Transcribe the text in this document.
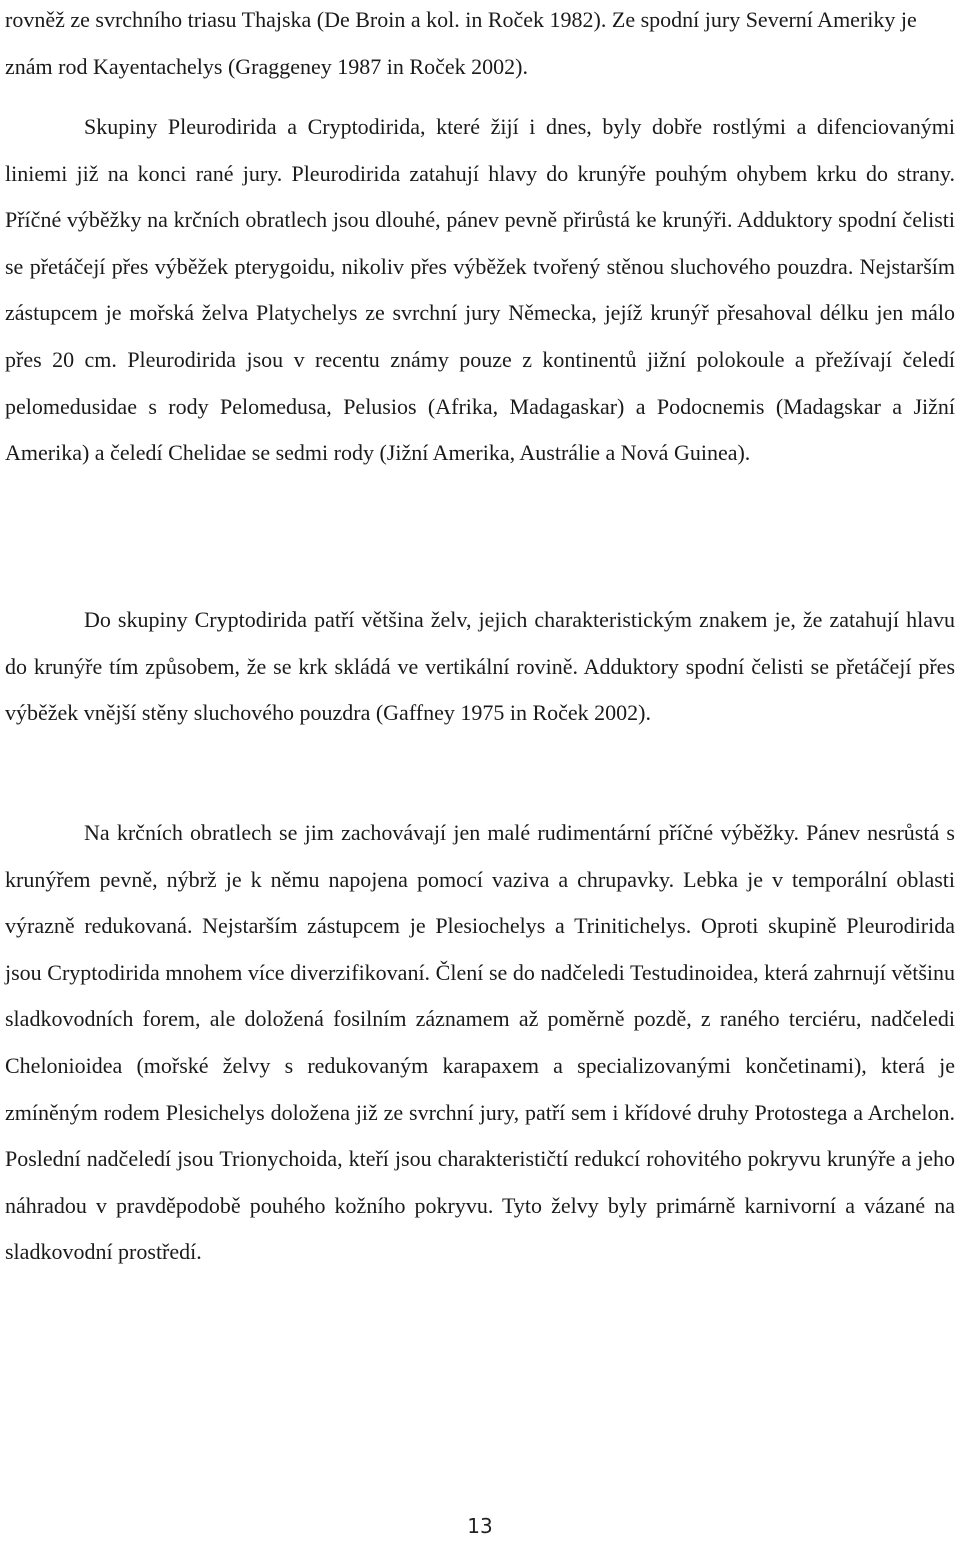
rovněž ze svrchního triasu Thajska (De Broin a kol. in Roček 1982). Ze spodní jury Severní Ameriky je znám rod Kayentachelys (Graggeney 1987 in Roček 2002).

Skupiny Pleurodirida a Cryptodirida, které žijí i dnes, byly dobře rostlými a difenciovanými liniemi již na konci rané jury. Pleurodirida zatahují hlavy do krunýře pouhým ohybem krku do strany. Příčné výběžky na krčních obratlech jsou dlouhé, pánev pevně přirůstá ke krunýři. Adduktory spodní čelisti se přetáčejí přes výběžek pterygoidu, nikoliv přes výběžek tvořený stěnou sluchového pouzdra. Nejstarším zástupcem je mořská želva Platychelys ze svrchní jury Německa, jejíž krunýř přesahoval délku jen málo přes 20 cm. Pleurodirida jsou v recentu známy pouze z kontinentů jižní polokoule a přežívají čeledí pelomedusidae s rody Pelomedusa, Pelusios (Afrika, Madagaskar) a Podocnemis (Madagskar a Jižní Amerika) a čeledí Chelidae se sedmi rody (Jižní Amerika, Austrálie a Nová Guinea).

Do skupiny Cryptodirida patří většina želv, jejich charakteristickým znakem je, že zatahují hlavu do krunýře tím způsobem, že se krk skládá ve vertikální rovině. Adduktory spodní čelisti se přetáčejí přes výběžek vnější stěny sluchového pouzdra (Gaffney 1975 in Roček 2002).

Na krčních obratlech se jim zachovávají jen malé rudimentární příčné výběžky. Pánev nesrůstá s krunýřem pevně, nýbrž je k němu napojena pomocí vaziva a chrupavky. Lebka je v temporální oblasti výrazně redukovaná. Nejstarším zástupcem je Plesiochelys a Trinitichelys. Oproti skupině Pleurodirida jsou Cryptodirida mnohem více diverzifikovaní. Člení se do nadčeledi Testudinoidea, která zahrnují většinu sladkovodních forem, ale doložená fosilním záznamem až poměrně pozdě, z raného terciéru, nadčeledi Chelonioidea (mořské želvy s redukovaným karapaxem a specializovanými končetinami), která je zmíněným rodem Plesichelys doložena již ze svrchní jury, patří sem i křídové druhy Protostega a Archelon. Poslední nadčeledí jsou Trionychoida, kteří jsou charakterističtí redukcí rohovitého pokryvu krunýře a jeho náhradou v pravděpodobě pouhého kožního pokryvu. Tyto želvy byly primárně karnivorní a vázané na sladkovodní prostředí.

13
